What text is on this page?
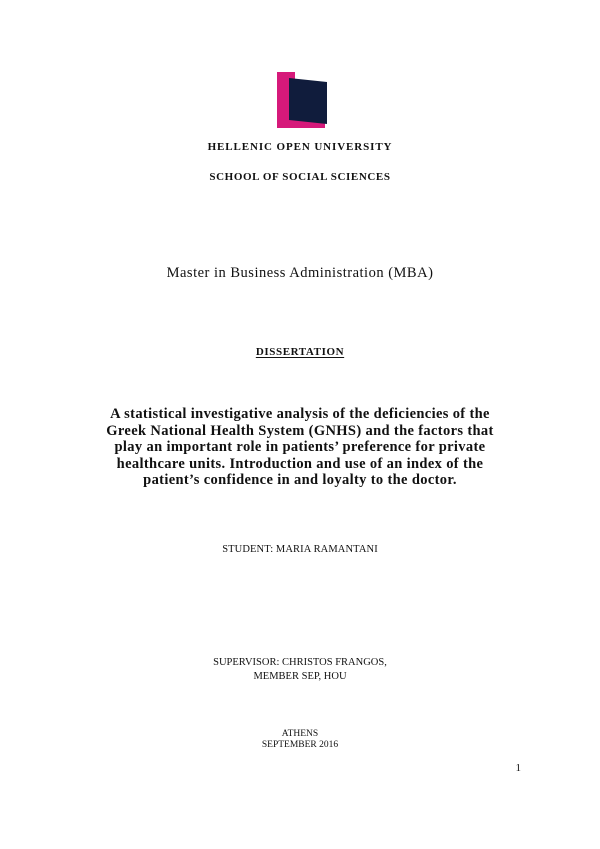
HELLENIC OPEN UNIVERSITY
SCHOOL OF SOCIAL SCIENCES
Master in Business Administration (MBA)
DISSERTATION
A statistical investigative analysis of the deficiencies of the
Greek National Health System (GNHS) and the factors that
play an important role in patients’ preference for private
healthcare units. Introduction and use of an index of the
patient’s confidence in and loyalty to the doctor.
STUDENT: MARIA RAMANTANI
SUPERVISOR: CHRISTOS FRANGOS,
MEMBER SEP, HOU
ATHENS
SEPTEMBER 2016
1
